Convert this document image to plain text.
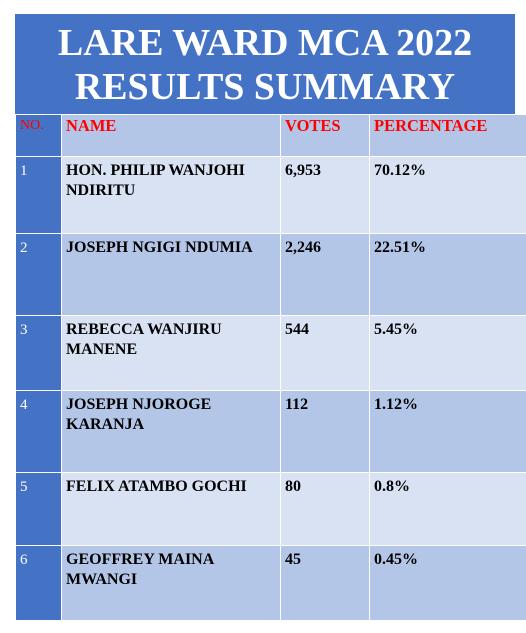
LARE WARD MCA 2022
RESULTS SUMMARY
NO.	NAME	VOTES	PERCENTAGE
1	HON. PHILIP WANJOHI NDIRITU	6,953	70.12%
2	JOSEPH NGIGI NDUMIA	2,246	22.51%
3	REBECCA WANJIRU MANENE	544	5.45%
4	JOSEPH NJOROGE KARANJA	112	1.12%
5	FELIX ATAMBO GOCHI	80	0.8%
6	GEOFFREY MAINA MWANGI	45	0.45%
